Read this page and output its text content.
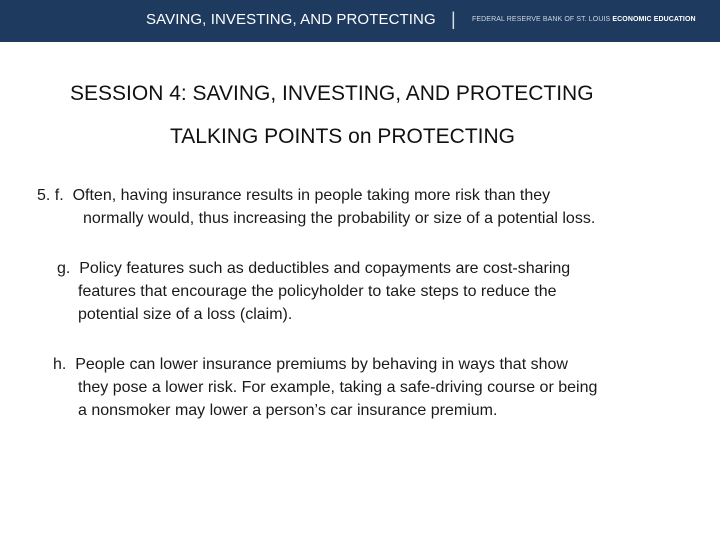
SAVING, INVESTING, AND PROTECTING | FEDERAL RESERVE BANK OF ST. LOUIS ECONOMIC EDUCATION
SESSION 4: SAVING, INVESTING, AND PROTECTING
TALKING POINTS on PROTECTING
5. f. Often, having insurance results in people taking more risk than they
normally would, thus increasing the probability or size of a potential loss.
g. Policy features such as deductibles and copayments are cost-sharing
features that encourage the policyholder to take steps to reduce the
potential size of a loss (claim).
h. People can lower insurance premiums by behaving in ways that show
they pose a lower risk. For example, taking a safe-driving course or being
a nonsmoker may lower a person’s car insurance premium.
